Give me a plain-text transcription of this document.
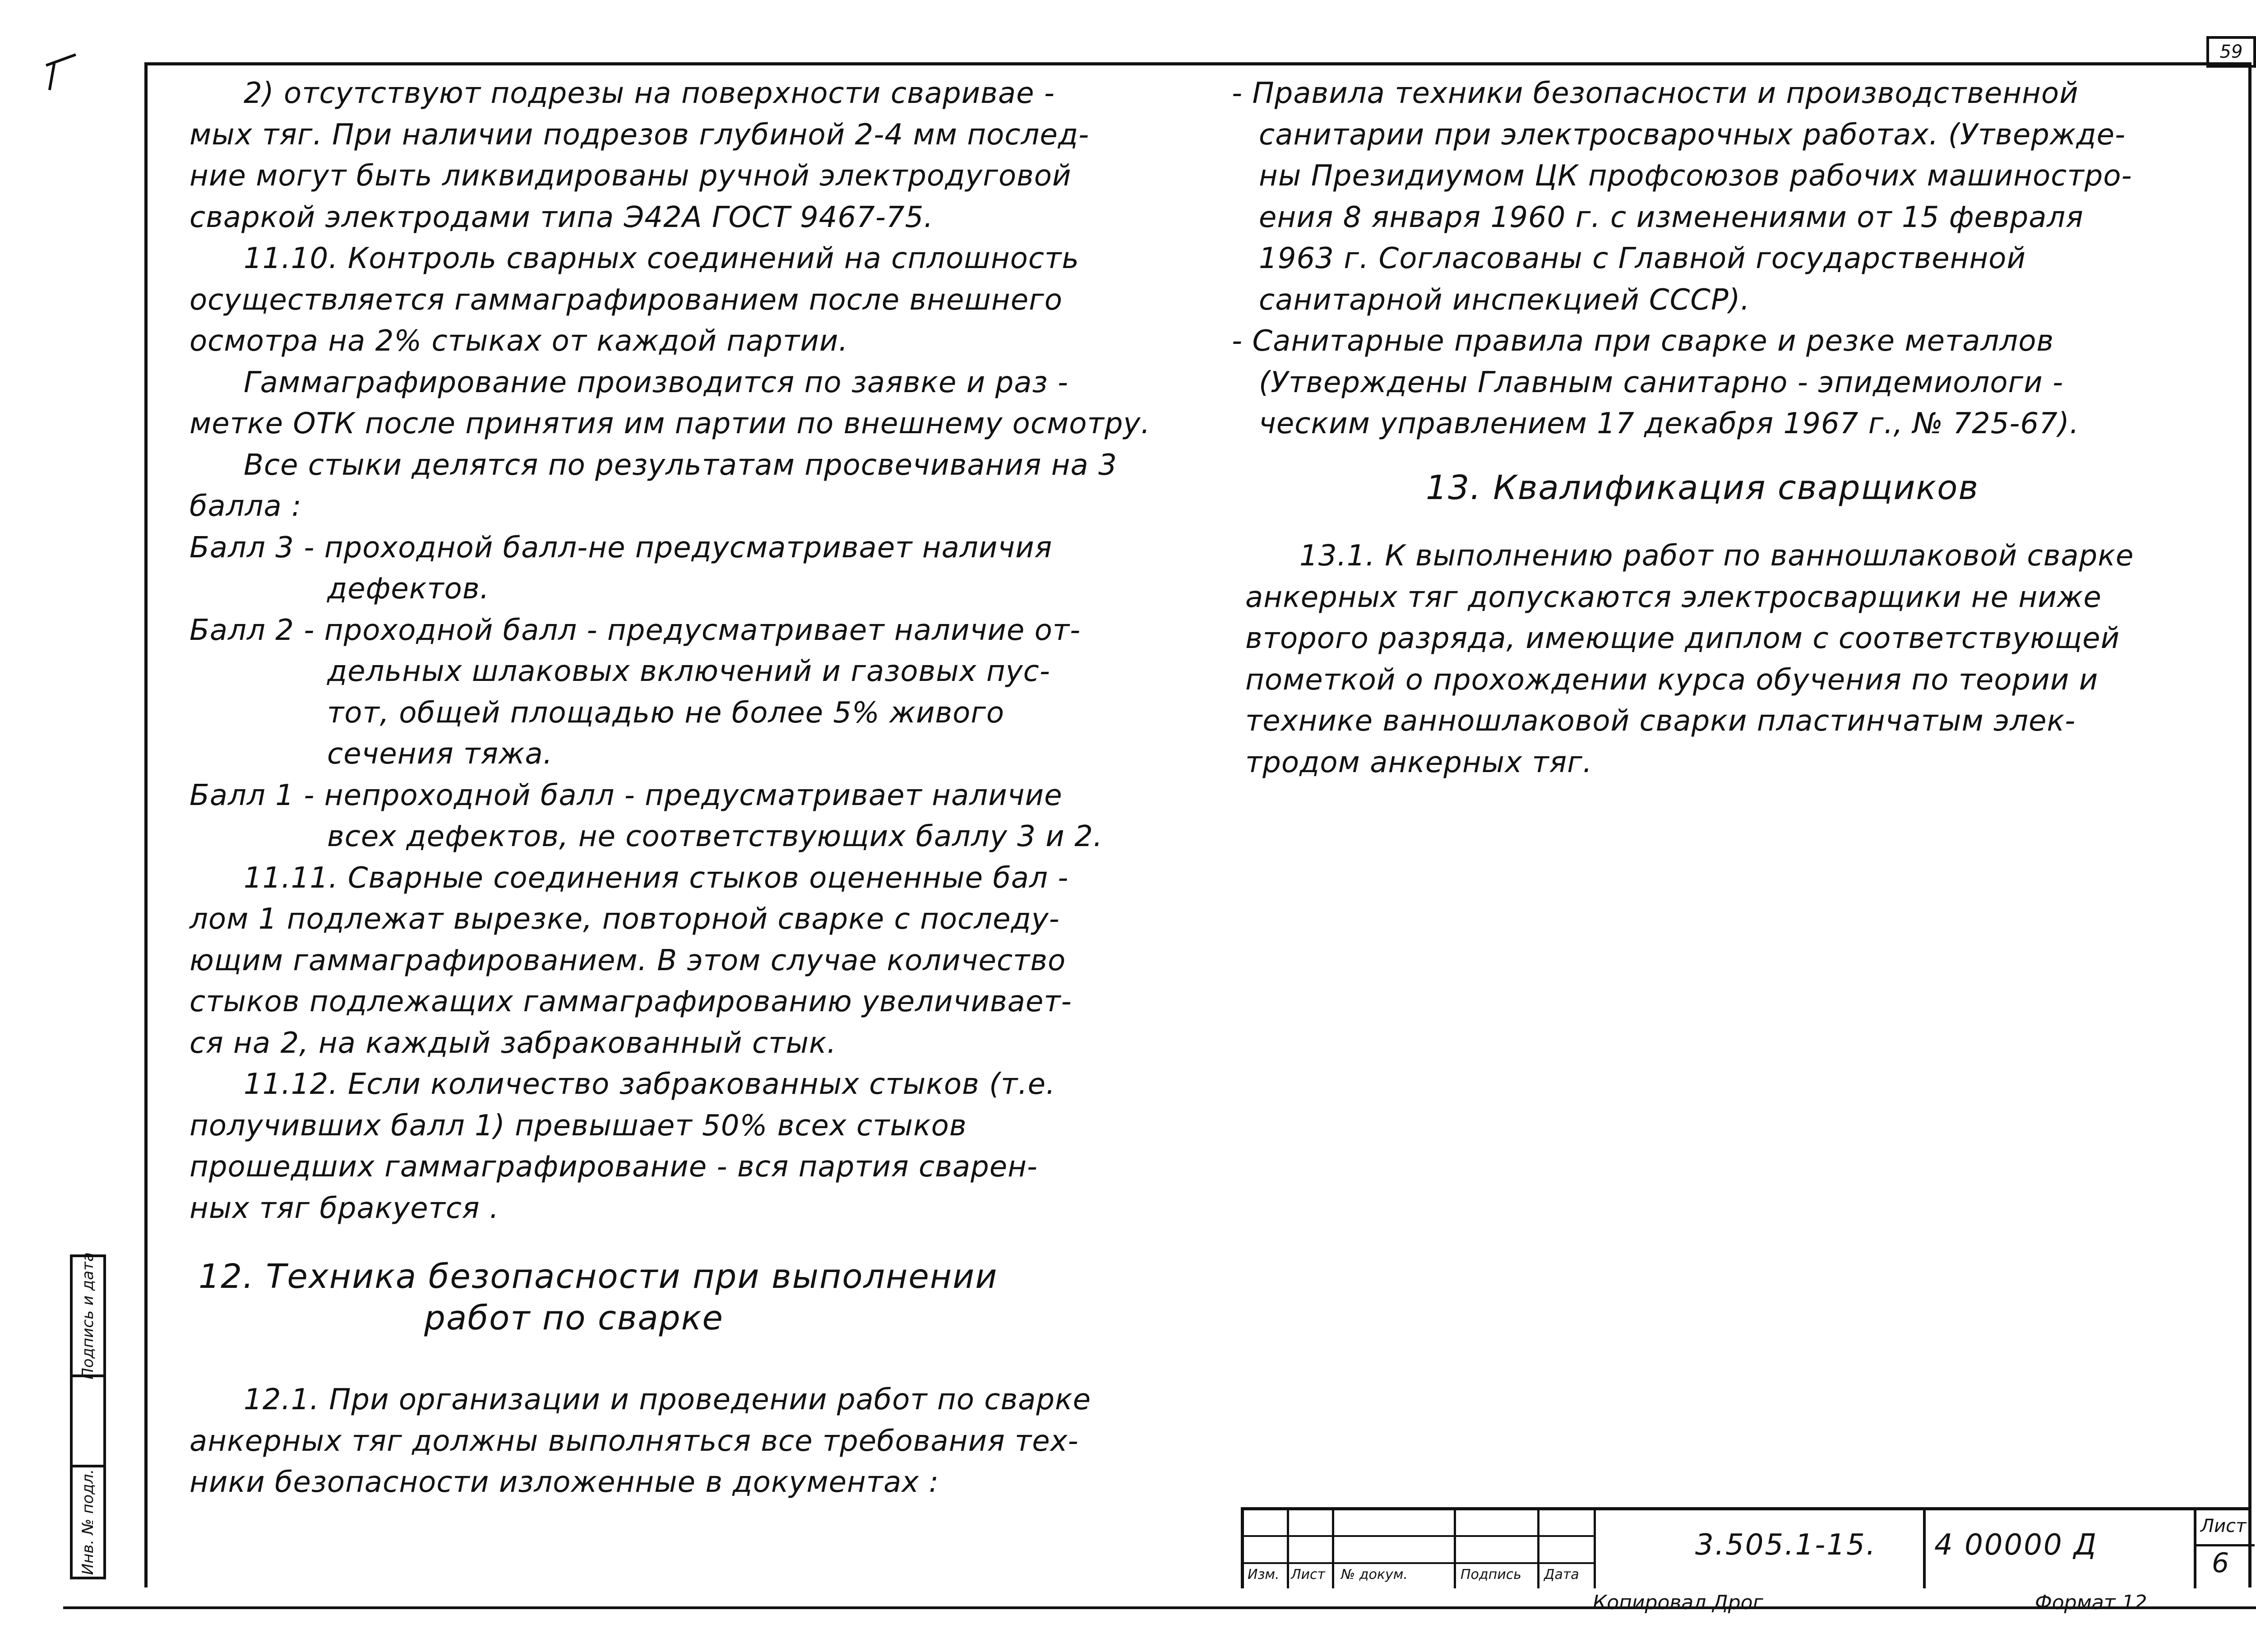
59

2) отсутствуют подрезы на поверхности сваривае -

мых тяг. При наличии подрезов глубиной 2-4 мм послед-

ние могут быть ликвидированы ручной электродуговой

сваркой электродами типа Э42А ГОСТ 9467-75.

11.10. Контроль сварных соединений на сплошность

осуществляется гаммаграфированием после внешнего

осмотра на 2% стыках от каждой партии.

Гаммаграфирование производится по заявке и раз -

метке ОТК после принятия им партии по внешнему осмотру.

Все стыки делятся по результатам просвечивания на 3

балла :

Балл 3 - проходной балл-не предусматривает наличия

дефектов.

Балл 2 - проходной балл - предусматривает наличие от-

дельных шлаковых включений и газовых пус-

тот, общей площадью не более 5% живого

сечения тяжа.

Балл 1 - непроходной балл - предусматривает наличие

всех дефектов, не соответствующих баллу 3 и 2.

11.11. Сварные соединения стыков оцененные бал -

лом 1 подлежат вырезке, повторной сварке с последу-

ющим гаммаграфированием. В этом случае количество

стыков подлежащих гаммаграфированию увеличивает-

ся на 2, на каждый забракованный стык.

11.12. Если количество забракованных стыков (т.е.

получивших балл 1) превышает 50% всех стыков

прошедших гаммаграфирование - вся партия сварен-

ных тяг бракуется .

12. Техника безопасности при выполнении

работ по сварке

12.1. При организации и проведении работ по сварке

анкерных тяг должны выполняться все требования тех-

ники безопасности изложенные в документах :

- Правила техники безопасности и производственной

санитарии при электросварочных работах. (Утвержде-

ны Президиумом ЦК профсоюзов рабочих машиностро-

ения 8 января 1960 г. с изменениями от 15 февраля

1963 г. Согласованы с Главной государственной

санитарной инспекцией СССР).

- Санитарные правила при сварке и резке металлов

(Утверждены Главным санитарно - эпидемиологи -

ческим управлением 17 декабря 1967 г., № 725-67).

13. Квалификация сварщиков

13.1. К выполнению работ по ванношлаковой сварке

анкерных тяг допускаются электросварщики не ниже

второго разряда, имеющие диплом с соответствующей

пометкой о прохождении курса обучения по теории и

технике ванношлаковой сварки пластинчатым элек-

тродом анкерных тяг.

Подпись и дата
Инв. № подл.	Изм. Лист № докум.	Подпись Дата
3.505.1-15. 4 00000 Д
Лист
6
Копировал Дрог	Формат 12
